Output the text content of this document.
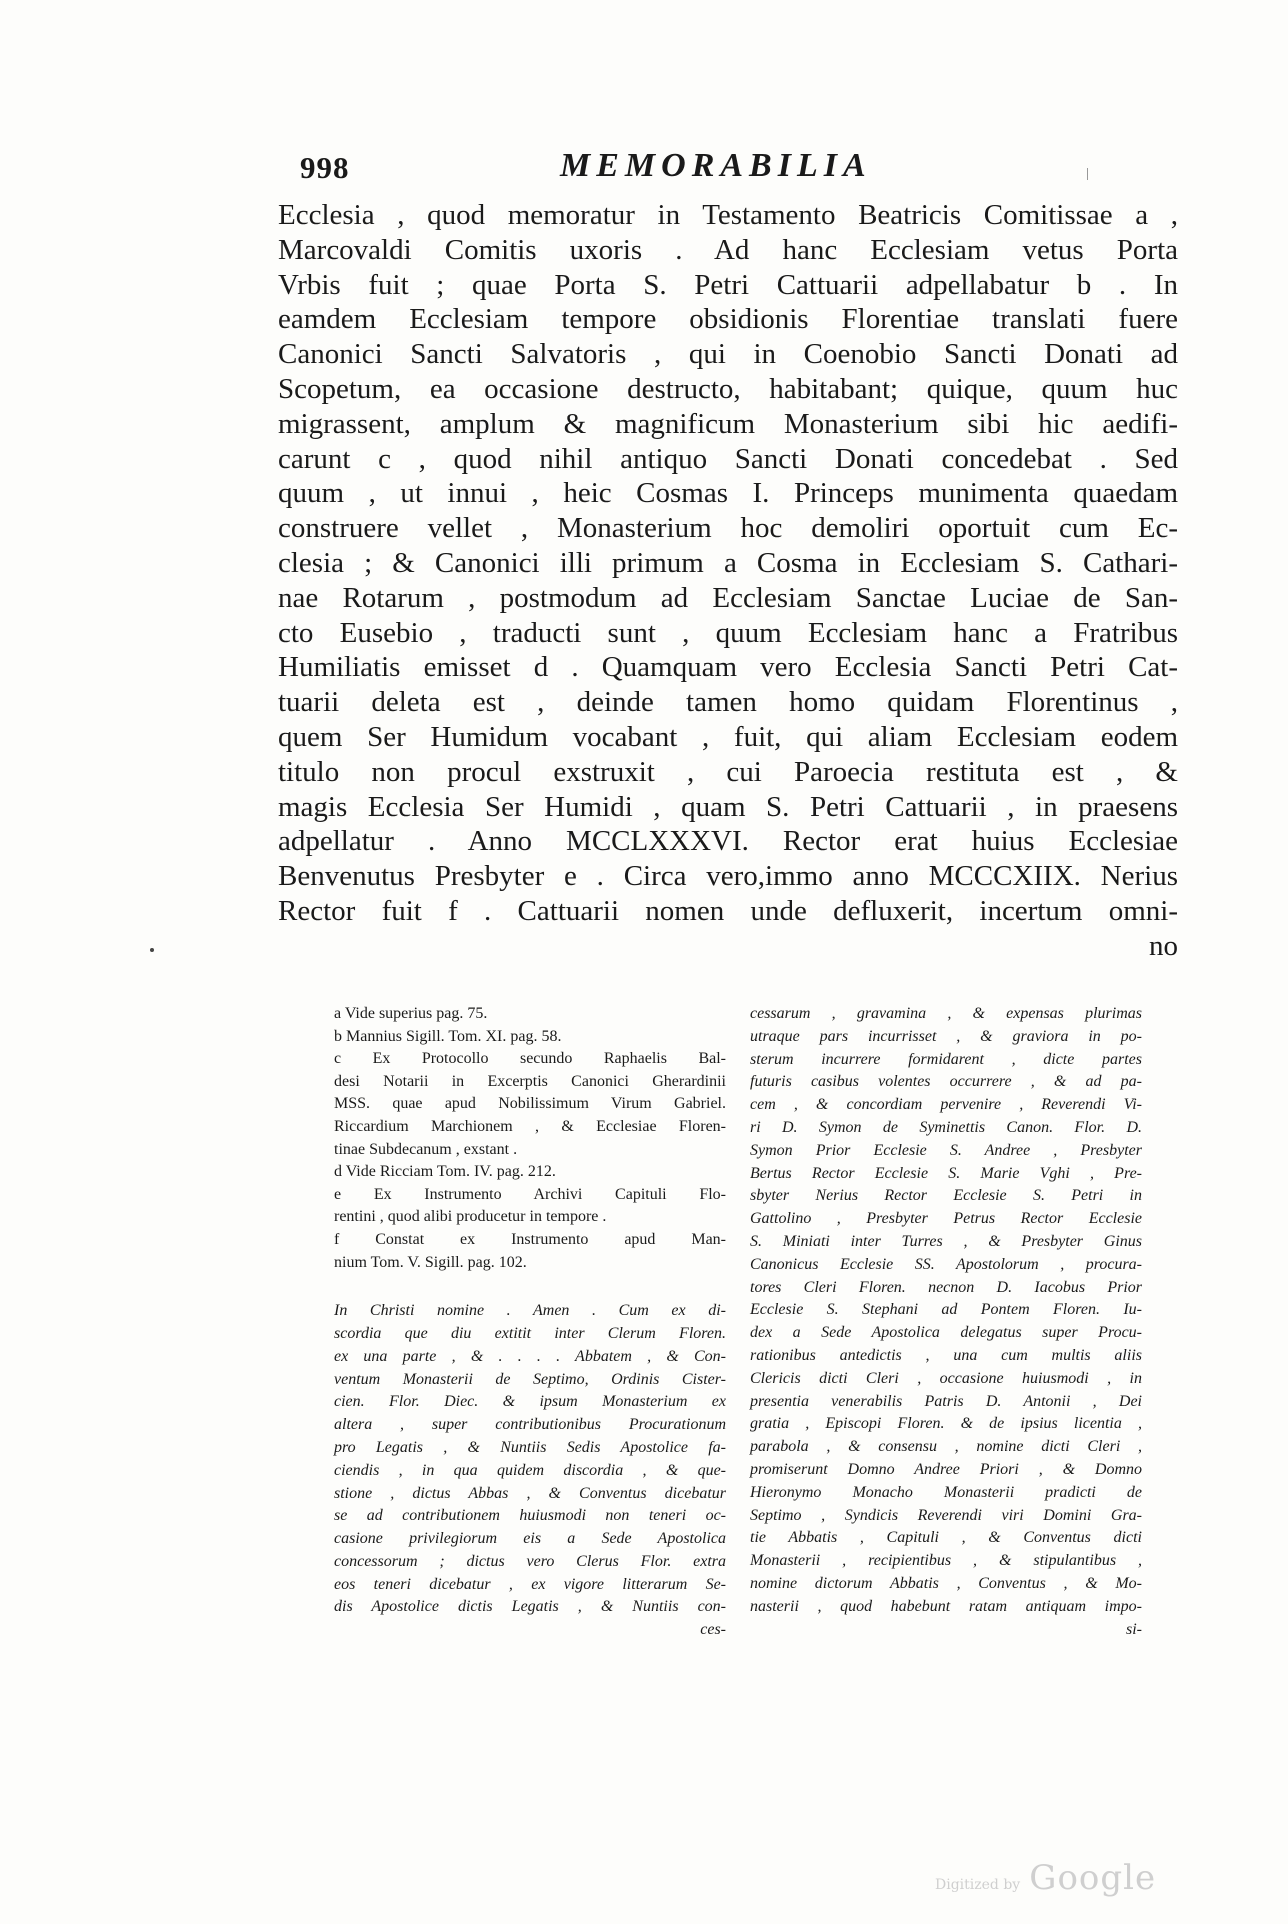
998	MEMORABILIA
Ecclesia , quod memoratur in Testamento Beatricis Comitissae a ,
Marcovaldi Comitis uxoris . Ad hanc Ecclesiam vetus Porta
Vrbis fuit ; quae Porta S. Petri Cattuarii adpellabatur b . In
eamdem Ecclesiam tempore obsidionis Florentiae translati fuere
Canonici Sancti Salvatoris , qui in Coenobio Sancti Donati ad
Scopetum, ea occasione destructo, habitabant; quique, quum huc
migrassent, amplum & magnificum Monasterium sibi hic aedifi-
carunt c , quod nihil antiquo Sancti Donati concedebat . Sed
quum , ut innui , heic Cosmas I. Princeps munimenta quaedam
construere vellet , Monasterium hoc demoliri oportuit cum Ec-
clesia ; & Canonici illi primum a Cosma in Ecclesiam S. Cathari-
nae Rotarum , postmodum ad Ecclesiam Sanctae Luciae de San-
cto Eusebio , traducti sunt , quum Ecclesiam hanc a Fratribus
Humiliatis emisset d . Quamquam vero Ecclesia Sancti Petri Cat-
tuarii deleta est , deinde tamen homo quidam Florentinus ,
quem Ser Humidum vocabant , fuit, qui aliam Ecclesiam eodem
titulo non procul exstruxit , cui Paroecia restituta est , &
magis Ecclesia Ser Humidi , quam S. Petri Cattuarii , in praesens
adpellatur . Anno MCCLXXXVI. Rector erat huius Ecclesiae
Benvenutus Presbyter e . Circa vero,immo anno MCCCXIIX. Nerius
Rector fuit f . Cattuarii nomen unde defluxerit, incertum omni-
no
a Vide superius pag. 75.
b Mannius Sigill. Tom. XI. pag. 58.
c Ex Protocollo secundo Raphaelis Bal-
desi Notarii in Excerptis Canonici Gherardinii
MSS. quae apud Nobilissimum Virum Gabriel.
Riccardium Marchionem , & Ecclesiae Floren-
tinae Subdecanum , exstant .
d Vide Ricciam Tom. IV. pag. 212.
e Ex Instrumento Archivi Capituli Flo-
rentini , quod alibi producetur in tempore .
f Constat ex Instrumento apud Man-
nium Tom. V. Sigill. pag. 102.
In Christi nomine . Amen . Cum ex di-
scordia que diu extitit inter Clerum Floren.
ex una parte , & . . . . Abbatem , & Con-
ventum Monasterii de Septimo, Ordinis Cister-
cien. Flor. Diec. & ipsum Monasterium ex
altera , super contributionibus Procurationum
pro Legatis , & Nuntiis Sedis Apostolice fa-
ciendis , in qua quidem discordia , & que-
stione , dictus Abbas , & Conventus dicebatur
se ad contributionem huiusmodi non teneri oc-
casione privilegiorum eis a Sede Apostolica
concessorum ; dictus vero Clerus Flor. extra
eos teneri dicebatur , ex vigore litterarum Se-
dis Apostolice dictis Legatis , & Nuntiis con-
ces-
cessarum , gravamina , & expensas plurimas
utraque pars incurrisset , & graviora in po-
sterum incurrere formidarent , dicte partes
futuris casibus volentes occurrere , & ad pa-
cem , & concordiam pervenire , Reverendi Vi-
ri D. Symon de Syminettis Canon. Flor. D.
Symon Prior Ecclesie S. Andree , Presbyter
Bertus Rector Ecclesie S. Marie Vghi , Pre-
sbyter Nerius Rector Ecclesie S. Petri in
Gattolino , Presbyter Petrus Rector Ecclesie
S. Miniati inter Turres , & Presbyter Ginus
Canonicus Ecclesie SS. Apostolorum , procura-
tores Cleri Floren. necnon D. Iacobus Prior
Ecclesie S. Stephani ad Pontem Floren. Iu-
dex a Sede Apostolica delegatus super Procu-
rationibus antedictis , una cum multis aliis
Clericis dicti Cleri , occasione huiusmodi , in
presentia venerabilis Patris D. Antonii , Dei
gratia , Episcopi Floren. & de ipsius licentia ,
parabola , & consensu , nomine dicti Cleri ,
promiserunt Domno Andree Priori , & Domno
Hieronymo Monacho Monasterii pradicti de
Septimo , Syndicis Reverendi viri Domini Gra-
tie Abbatis , Capituli , & Conventus dicti
Monasterii , recipientibus , & stipulantibus ,
nomine dictorum Abbatis , Conventus , & Mo-
nasterii , quod habebunt ratam antiquam impo-
si-
Digitized by Google
